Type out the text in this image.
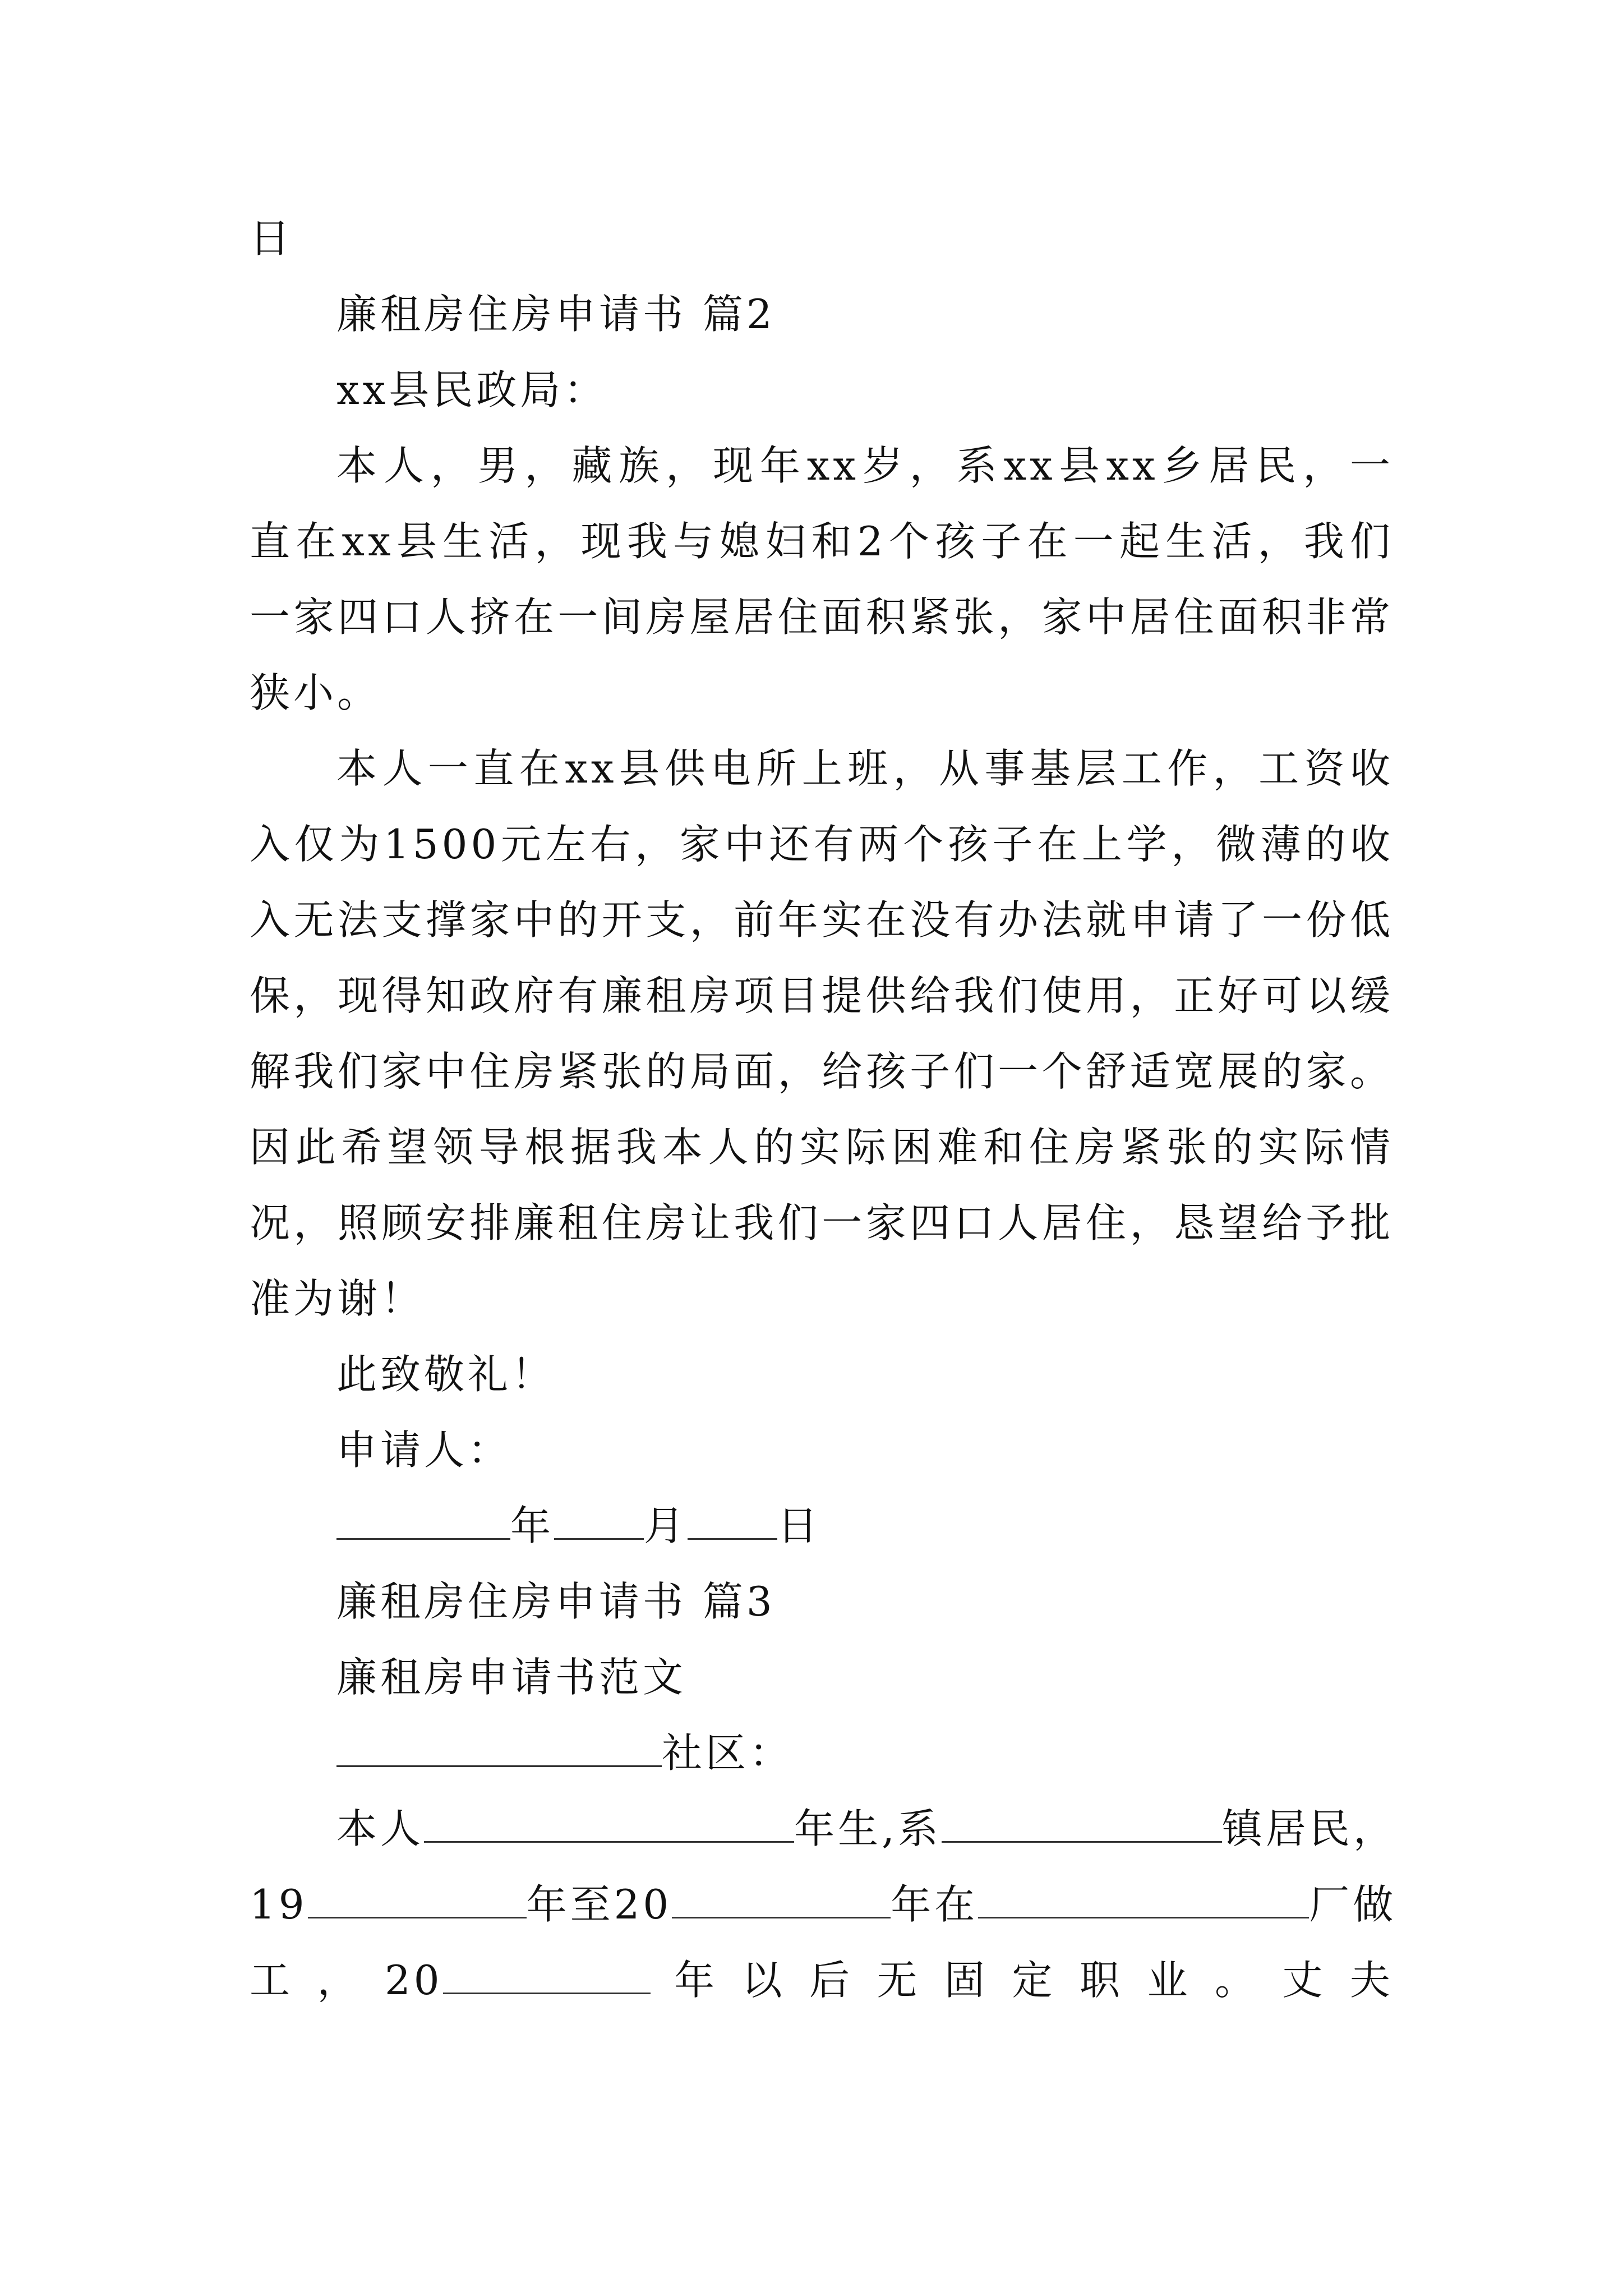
日
廉租房住房申请书 篇2
xx县民政局：
本人，男，藏族，现年xx岁，系xx县xx乡居民，一
直在xx县生活，现我与媳妇和2个孩子在一起生活，我们
一家四口人挤在一间房屋居住面积紧张，家中居住面积非常
狭小。
本人一直在xx县供电所上班，从事基层工作，工资收
入仅为1500元左右，家中还有两个孩子在上学，微薄的收
入无法支撑家中的开支，前年实在没有办法就申请了一份低
保，现得知政府有廉租房项目提供给我们使用，正好可以缓
解我们家中住房紧张的局面，给孩子们一个舒适宽展的家。
因此希望领导根据我本人的实际困难和住房紧张的实际情
况，照顾安排廉租住房让我们一家四口人居住，恳望给予批
准为谢！
此致敬礼！
申请人：
年 月 日
廉租房住房申请书 篇3
廉租房申请书范文
社区：
本人	年生,系	镇居民，
19	年至20	年在	厂做
工 ， 20	年 以 后 无 固 定 职 业 。 丈 夫
